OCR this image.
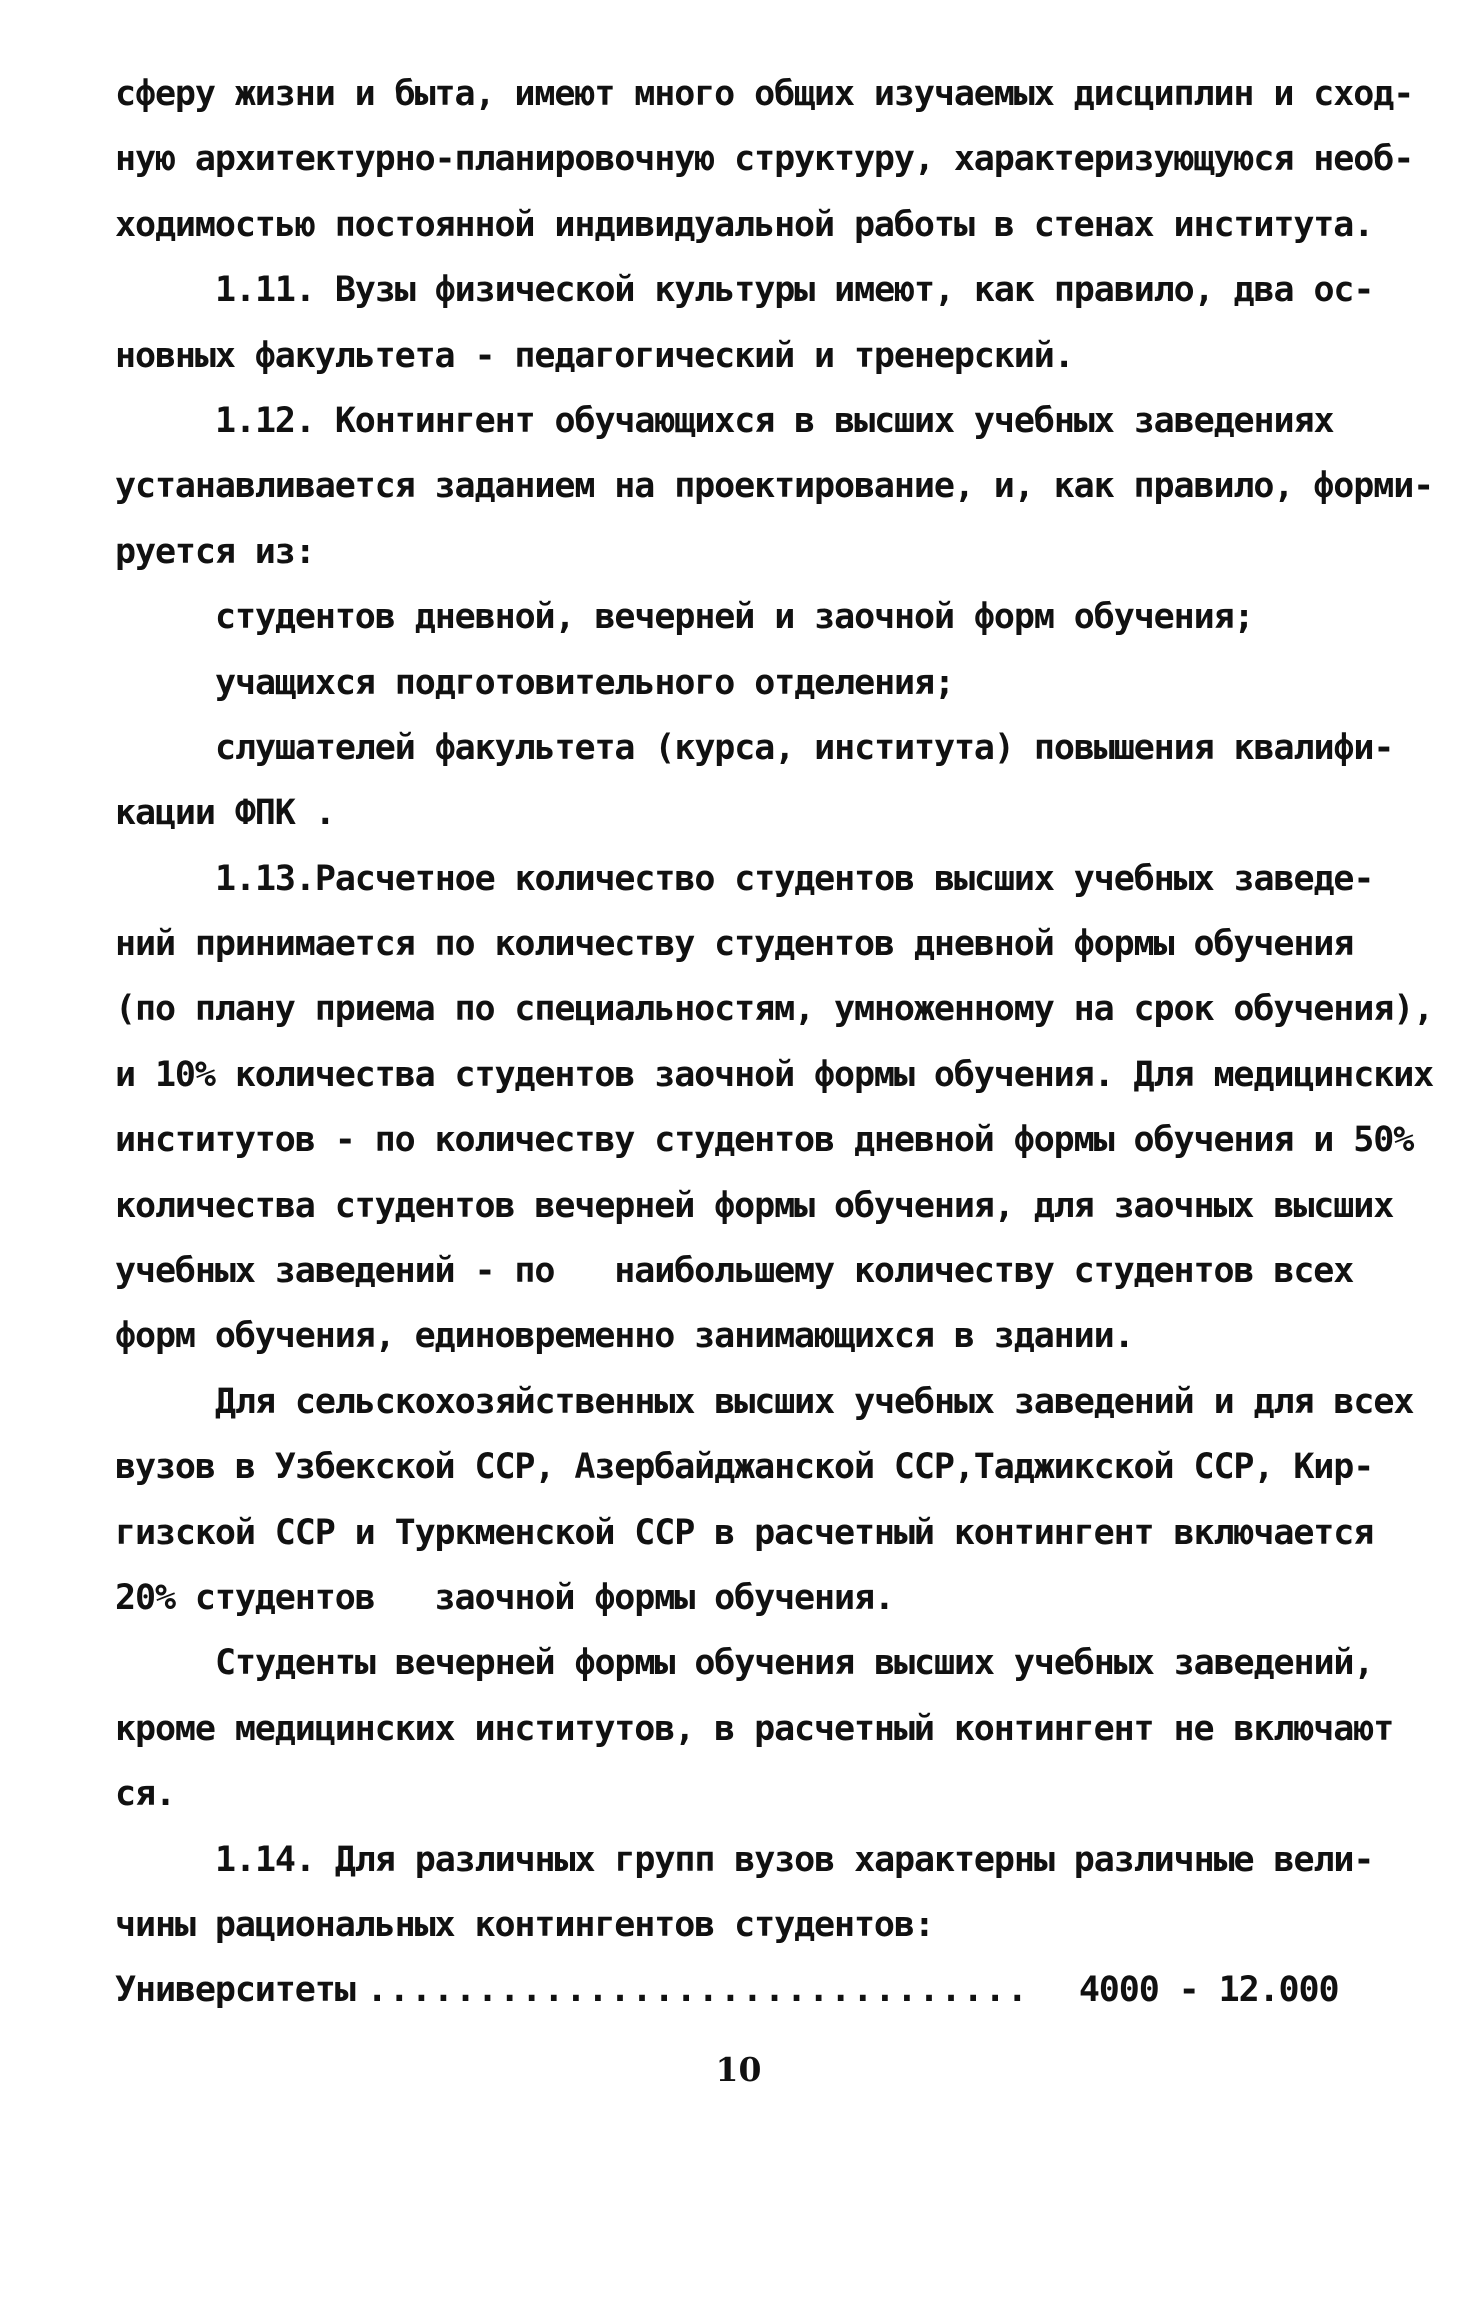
сферу жизни и быта, имеют много общих изучаемых дисциплин и сход-
ную архитектурно-планировочную структуру, характеризующуюся необ-
ходимостью постоянной индивидуальной работы в стенах института.
1.11. Вузы физической культуры имеют, как правило, два ос-
новных факультета - педагогический и тренерский.
1.12. Контингент обучающихся в высших учебных заведениях
устанавливается заданием на проектирование, и, как правило, форми-
руется из:
студентов дневной, вечерней и заочной форм обучения;
учащихся подготовительного отделения;
слушателей факультета (курса, института) повышения квалифи-
кации ФПК .
1.13.Расчетное количество студентов высших учебных заведе-
ний принимается по количеству студентов дневной формы обучения
(по плану приема по специальностям, умноженному на срок обучения),
и 10% количества студентов заочной формы обучения. Для медицинских
институтов - по количеству студентов дневной формы обучения и 50%
количества студентов вечерней формы обучения, для заочных высших
учебных заведений - по   наибольшему количеству студентов всех
форм обучения, единовременно занимающихся в здании.
Для сельскохозяйственных высших учебных заведений и для всех
вузов в Узбекской ССР, Азербайджанской ССР,Таджикской ССР, Кир-
гизской ССР и Туркменской ССР в расчетный контингент включается
20% студентов   заочной формы обучения.
Студенты вечерней формы обучения высших учебных заведений,
кроме медицинских институтов, в расчетный контингент не включают
ся.
1.14. Для различных групп вузов характерны различные вели-
чины рациональных контингентов студентов:
Университеты .............................. 4000 - 12.000
10
